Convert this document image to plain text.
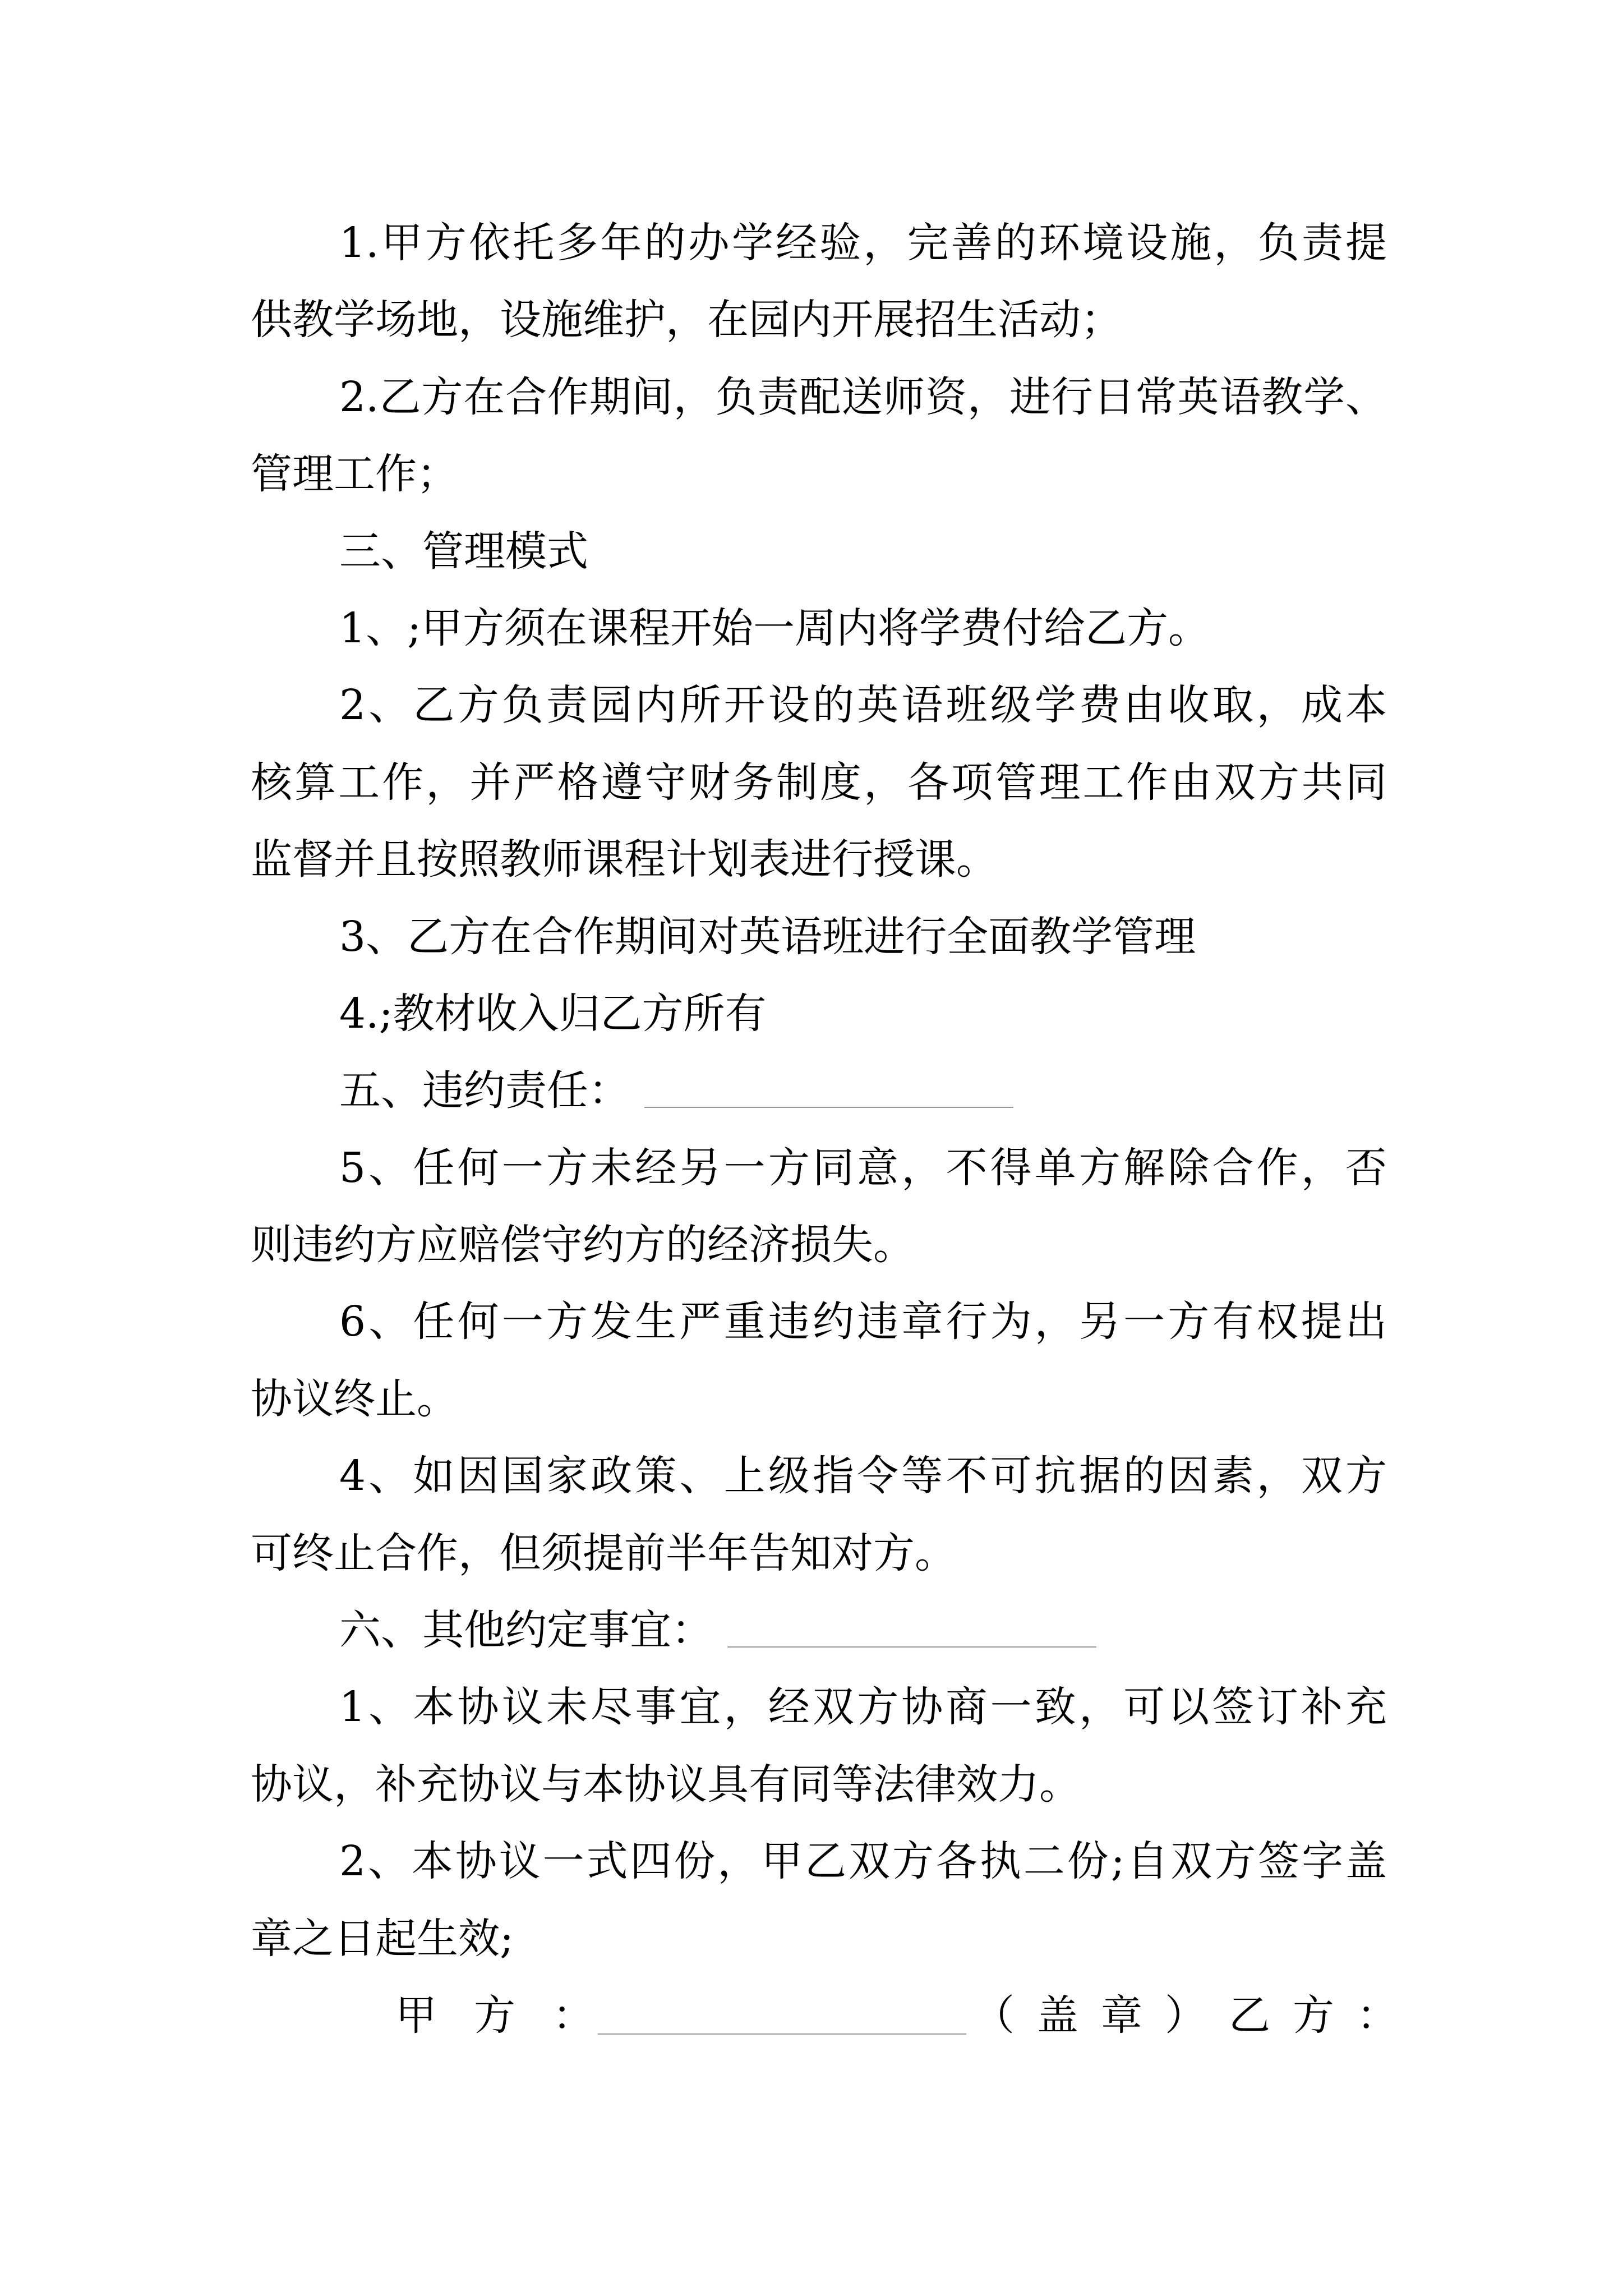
1.甲方依托多年的办学经验，完善的环境设施，负责提
供教学场地，设施维护，在园内开展招生活动；
2.乙方在合作期间，负责配送师资，进行日常英语教学、
管理工作；
三、管理模式
1、;甲方须在课程开始一周内将学费付给乙方。
2、乙方负责园内所开设的英语班级学费由收取，成本
核算工作，并严格遵守财务制度，各项管理工作由双方共同
监督并且按照教师课程计划表进行授课。
3、乙方在合作期间对英语班进行全面教学管理
4.;教材收入归乙方所有
五、违约责任：
5、任何一方未经另一方同意，不得单方解除合作，否
则违约方应赔偿守约方的经济损失。
6、任何一方发生严重违约违章行为，另一方有权提出
协议终止。
4、如因国家政策、上级指令等不可抗据的因素，双方
可终止合作，但须提前半年告知对方。
六、其他约定事宜：
1、本协议未尽事宜，经双方协商一致，可以签订补充
协议，补充协议与本协议具有同等法律效力。
2、本协议一式四份，甲乙双方各执二份;自双方签字盖
章之日起生效;
甲方：	（盖章）乙方：
